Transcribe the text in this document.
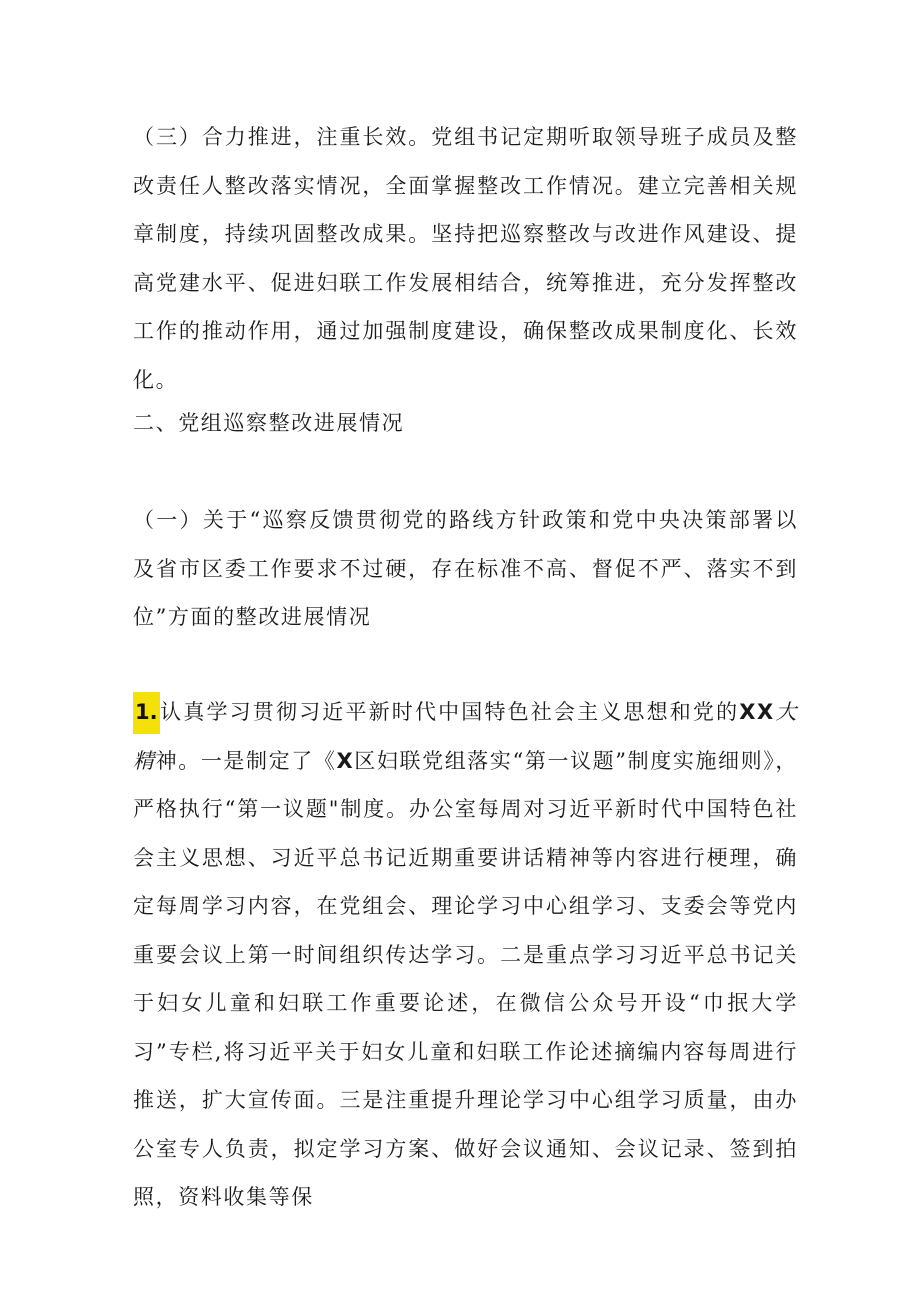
（三）合力推进，注重长效。党组书记定期听取领导班子成员及整改责任人整改落实情况，全面掌握整改工作情况。建立完善相关规章制度，持续巩固整改成果。坚持把巡察整改与改进作风建设、提高党建水平、促进妇联工作发展相结合，统筹推进，充分发挥整改工作的推动作用，通过加强制度建设，确保整改成果制度化、长效化。

二、党组巡察整改进展情况

（一）关于“巡察反馈贯彻党的路线方针政策和党中央决策部署以及省市区委工作要求不过硬，存在标准不高、督促不严、落实不到位”方面的整改进展情况

1.认真学习贯彻习近平新时代中国特色社会主义思想和党的XX大精神。一是制定了《X区妇联党组落实“第一议题”制度实施细则》，严格执行“第一议题"制度。办公室每周对习近平新时代中国特色社会主义思想、习近平总书记近期重要讲话精神等内容进行梗理，确定每周学习内容，在党组会、理论学习中心组学习、支委会等党内重要会议上第一时间组织传达学习。二是重点学习习近平总书记关于妇女儿童和妇联工作重要论述，在微信公众号开设“巾抿大学习”专栏,将习近平关于妇女儿童和妇联工作论述摘编内容每周进行推送，扩大宣传面。三是注重提升理论学习中心组学习质量，由办公室专人负责，拟定学习方案、做好会议通知、会议记录、签到拍照，资料收集等保
